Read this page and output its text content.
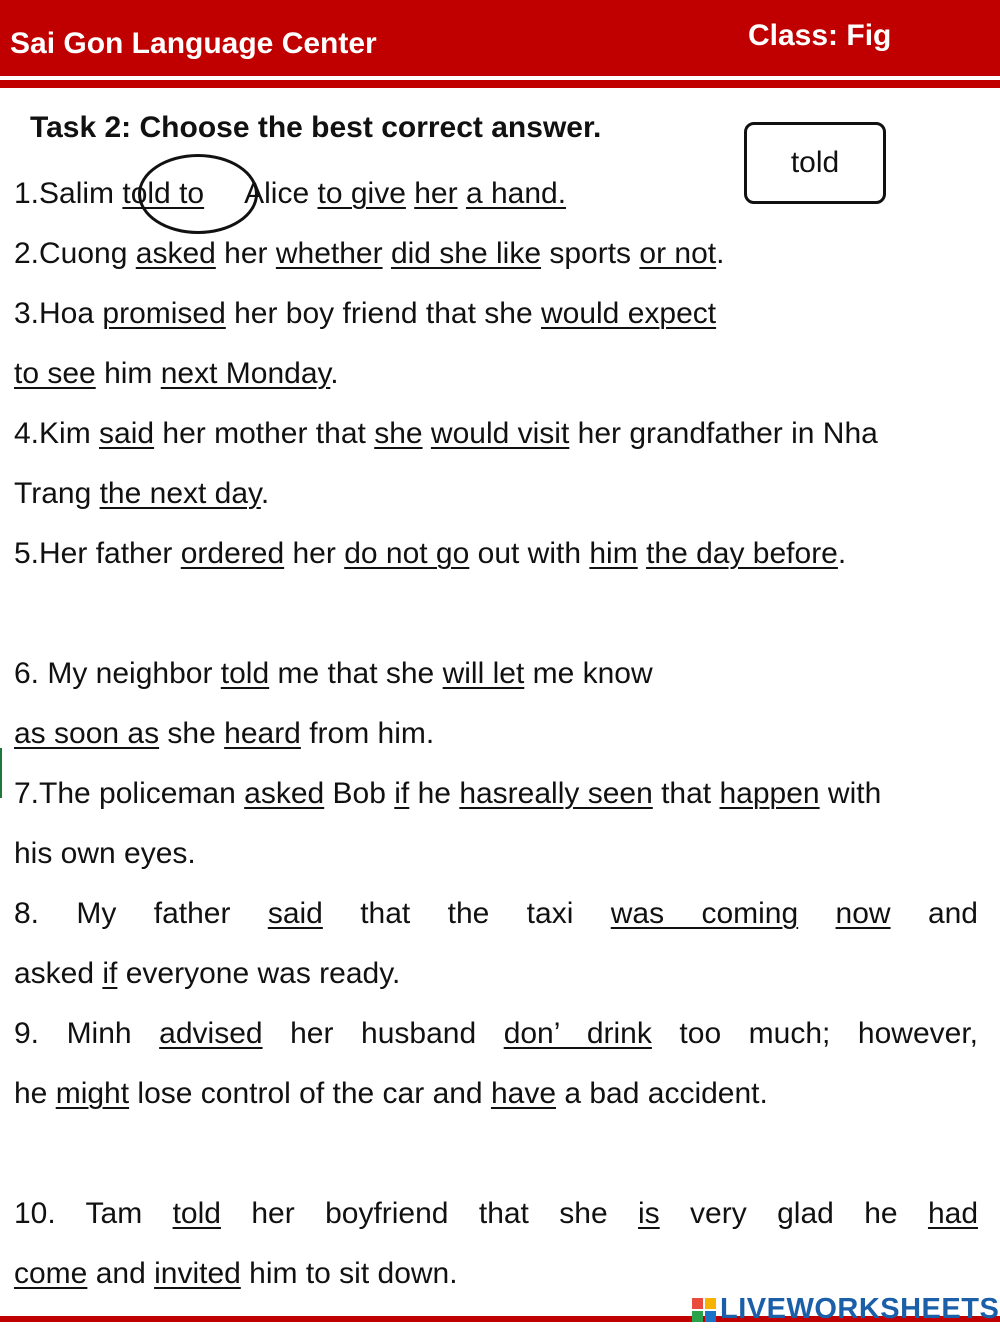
Sai Gon Language Center	Class: Fig
Task 2: Choose the best correct answer.
told
1.Salim told to     Alice to give her a hand.
2.Cuong asked her whether did she like sports or not.
3.Hoa promised her boy friend that she would expect
to see him next Monday.
4.Kim said her mother that she would visit her grandfather in Nha
Trang the next day.
5.Her father ordered her do not go out with him the day before.
6. My neighbor told me that she will let me know
as soon as she heard from him.
7.The policeman asked Bob if he hasreally seen that happen with
his own eyes.
8. My father said that the taxi was coming now and
asked if everyone was ready.
9. Minh advised her husband don’ drink too much; however,
he might lose control of the car and have a bad accident.
10. Tam told her boyfriend that she is very glad he had
come and invited him to sit down.
LIVEWORKSHEETS
